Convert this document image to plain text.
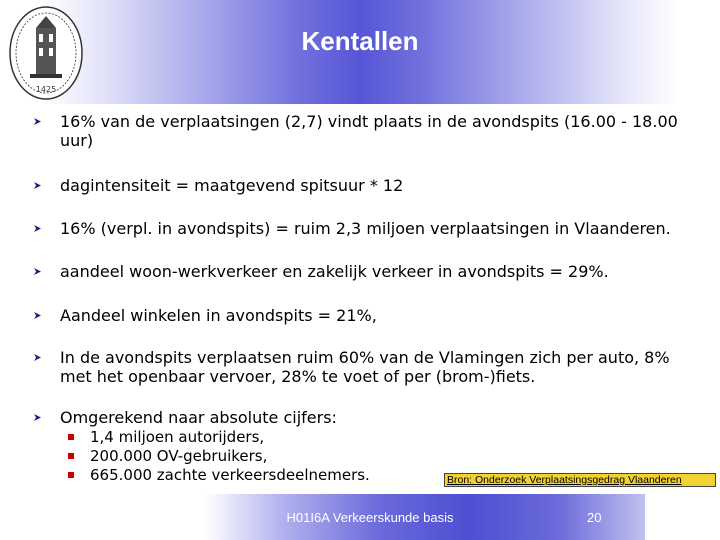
1425
Kentallen
16% van de verplaatsingen (2,7) vindt plaats in de avondspits (16.00 - 18.00 uur)
dagintensiteit = maatgevend spitsuur * 12
16% (verpl. in avondspits) = ruim 2,3 miljoen verplaatsingen in Vlaanderen.
aandeel woon-werkverkeer en zakelijk verkeer in avondspits = 29%.
Aandeel winkelen in avondspits = 21%,
In de avondspits verplaatsen ruim 60% van de Vlamingen zich per auto, 8% met het openbaar vervoer, 28% te voet of per (brom-)fiets.
Omgerekend naar absolute cijfers:
1,4 miljoen autorijders,
200.000 OV-gebruikers,
665.000 zachte verkeersdeelnemers.	Bron: Onderzoek Verplaatsingsgedrag Vlaanderen
H01I6A Verkeerskunde basis	20
